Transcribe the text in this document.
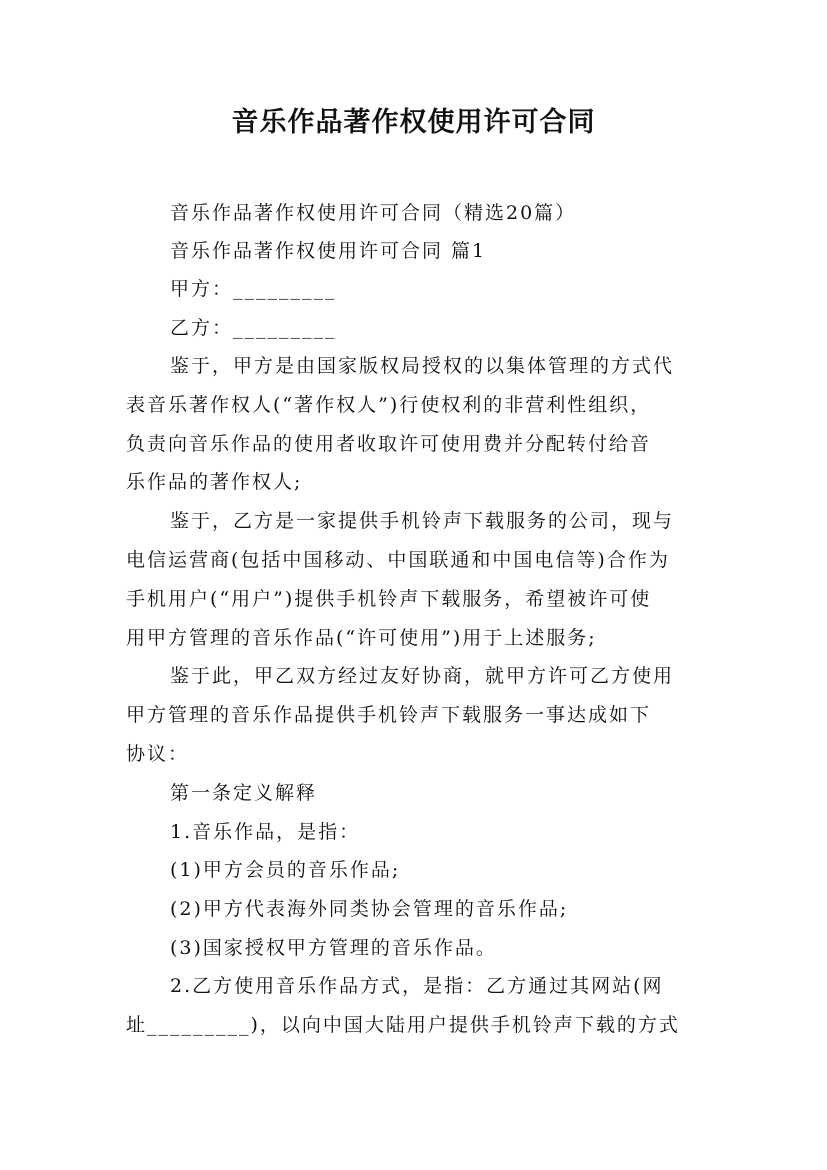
音乐作品著作权使用许可合同
音乐作品著作权使用许可合同（精选20篇）
音乐作品著作权使用许可合同 篇1
甲方：_________
乙方：_________
鉴于，甲方是由国家版权局授权的以集体管理的方式代
表音乐著作权人(“著作权人”)行使权利的非营利性组织，
负责向音乐作品的使用者收取许可使用费并分配转付给音
乐作品的著作权人;
鉴于，乙方是一家提供手机铃声下载服务的公司，现与
电信运营商(包括中国移动、中国联通和中国电信等)合作为
手机用户(“用户”)提供手机铃声下载服务，希望被许可使
用甲方管理的音乐作品(“许可使用”)用于上述服务;
鉴于此，甲乙双方经过友好协商，就甲方许可乙方使用
甲方管理的音乐作品提供手机铃声下载服务一事达成如下
协议：
第一条定义解释
1.音乐作品，是指：
(1)甲方会员的音乐作品;
(2)甲方代表海外同类协会管理的音乐作品;
(3)国家授权甲方管理的音乐作品。
2.乙方使用音乐作品方式，是指：乙方通过其网站(网
址_________)，以向中国大陆用户提供手机铃声下载的方式
